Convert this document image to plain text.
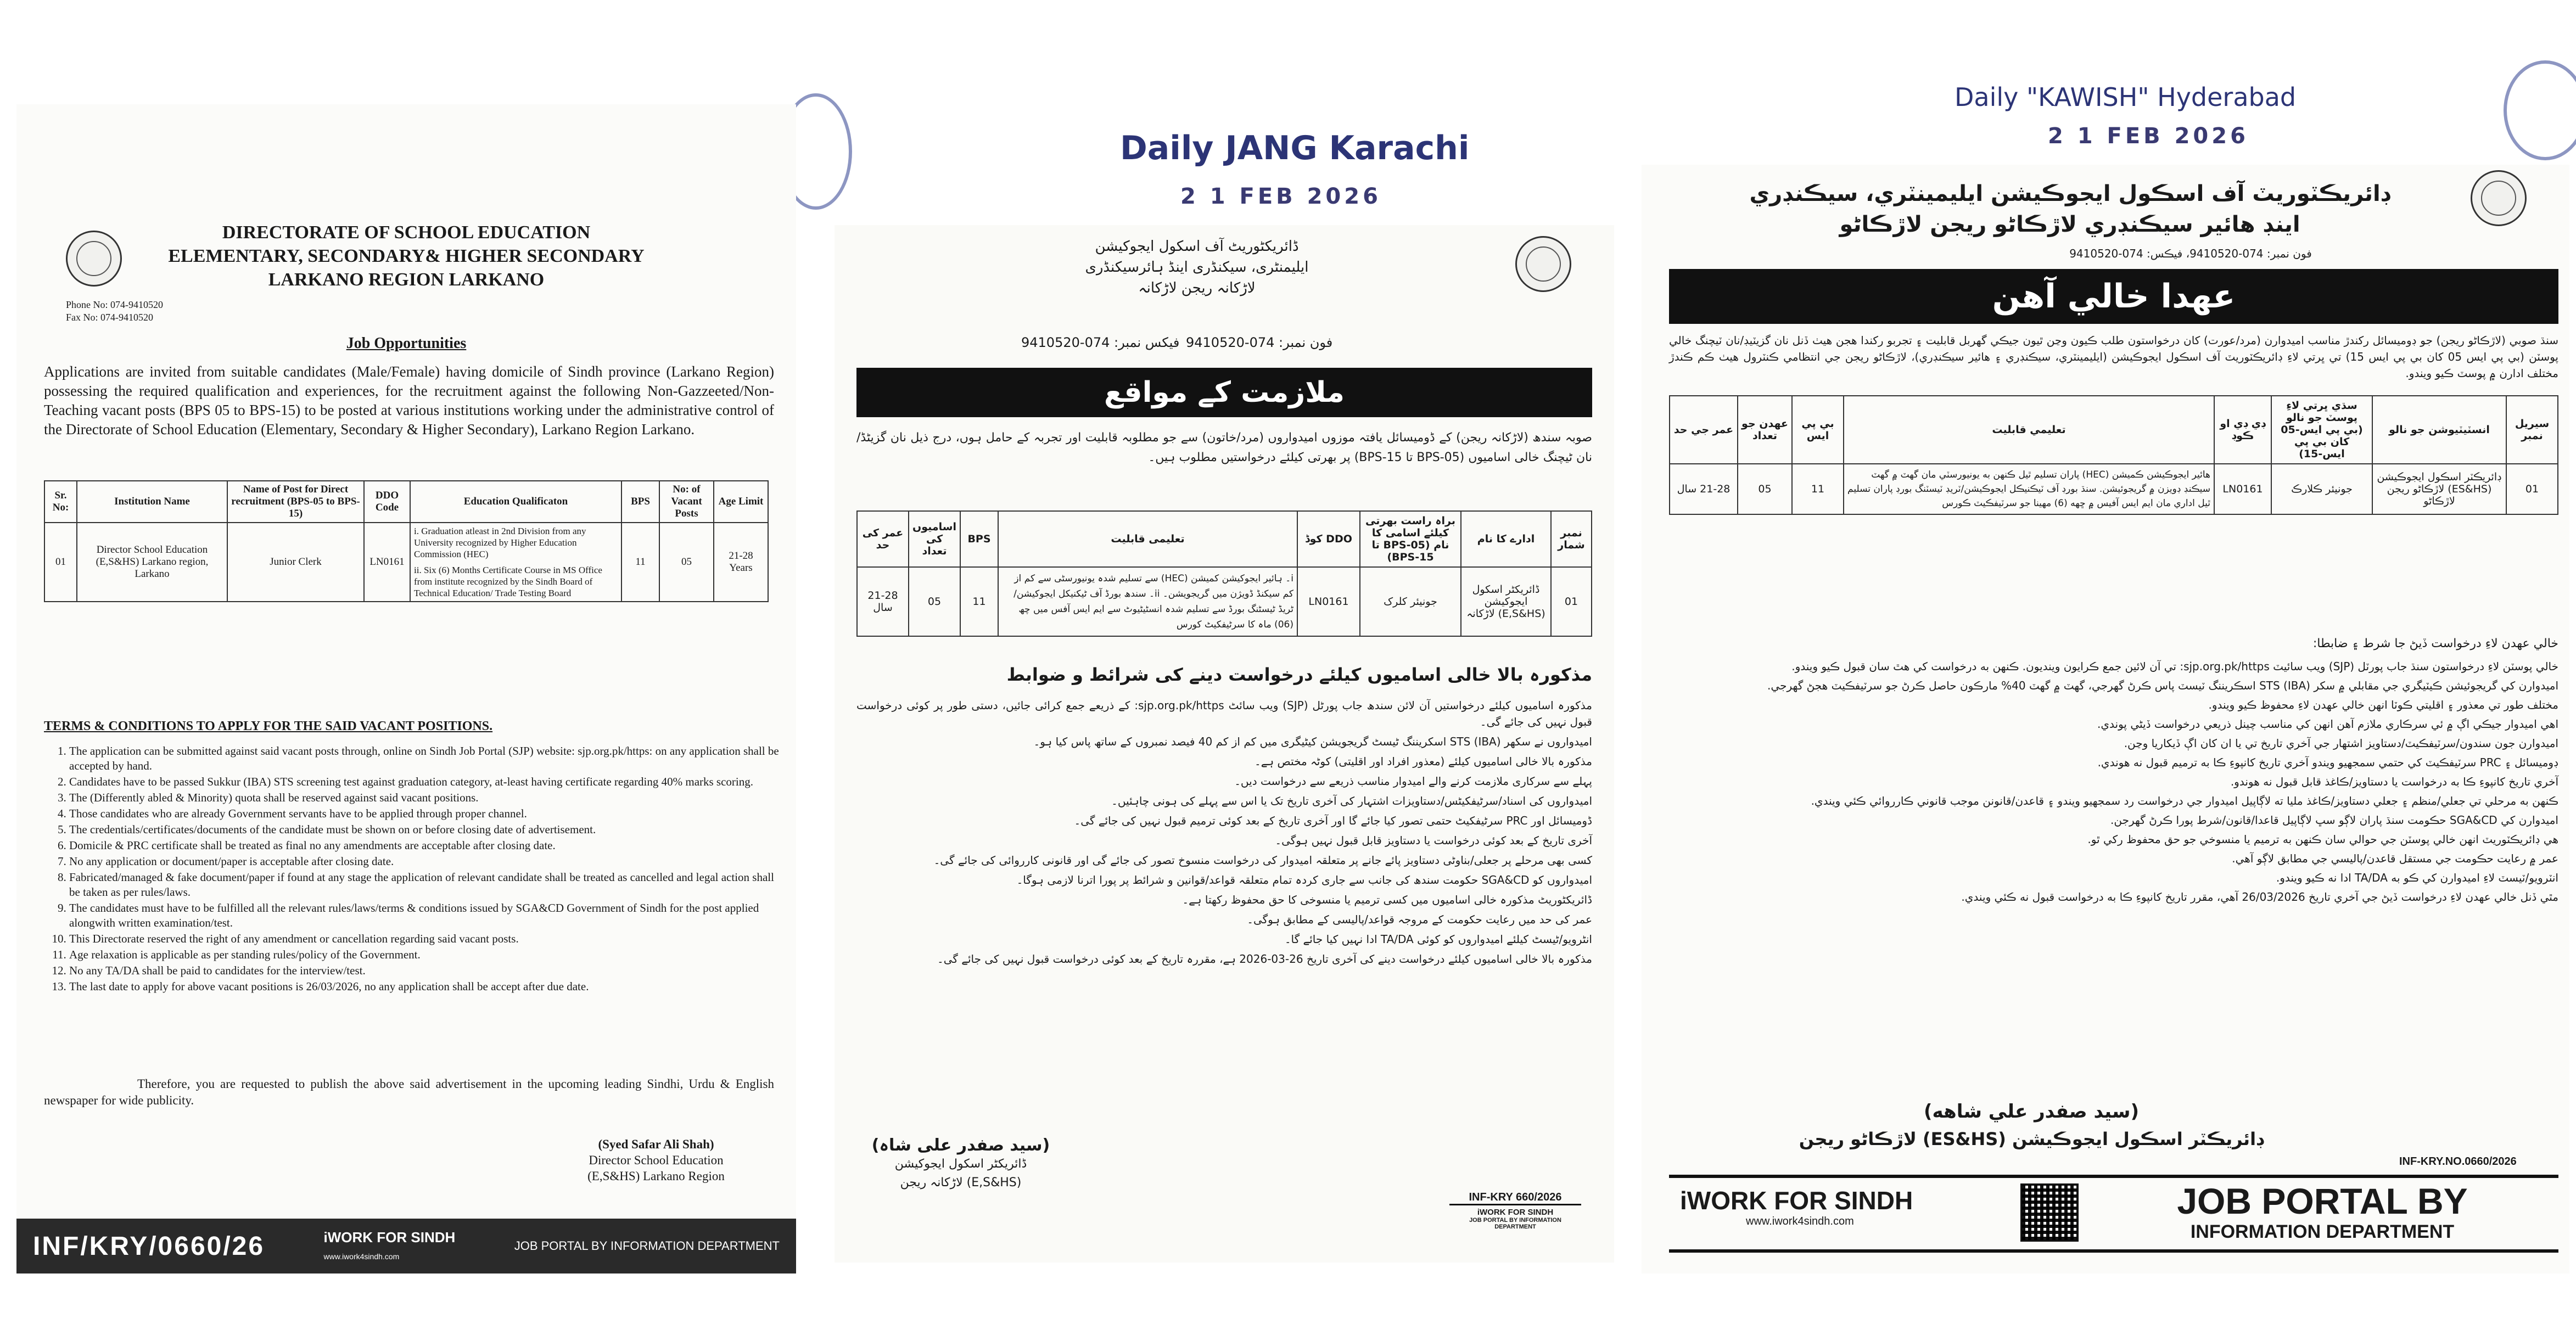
Phone No: 074-9410520
Fax No: 074-9410520
DIRECTORATE OF SCHOOL EDUCATION
ELEMENTARY, SECONDARY& HIGHER SECONDARY
LARKANO REGION LARKANO
Job Opportunities
Applications are invited from suitable candidates (Male/Female) having domicile of Sindh province (Larkano Region) possessing the required qualification and experiences, for the recruitment against the following Non-Gazzeeted/Non-Teaching vacant posts (BPS 05 to BPS-15) to be posted at various institutions working under the administrative control of the Directorate of School Education (Elementary, Secondary & Higher Secondary), Larkano Region Larkano.
Sr. No:	Institution Name	Name of Post for Direct recruitment (BPS-05 to BPS-15)	DDO Code	Education Qualificaton	BPS	No: of Vacant Posts	Age Limit
01	Director School Education (E,S&HS) Larkano region, Larkano	Junior Clerk	LN0161	i. Graduation atleast in 2nd Division from any University recognized by Higher Education Commission (HEC)
ii. Six (6) Months Certificate Course in MS Office from institute recognized by the Sindh Board of Technical Education/ Trade Testing Board	11	05	21-28 Years
TERMS & CONDITIONS TO APPLY FOR THE SAID VACANT POSITIONS.
1. The application can be submitted against said vacant posts through, online on Sindh Job Portal (SJP) website: sjp.org.pk/https: on any application shall be accepted by hand.
2. Candidates have to be passed Sukkur (IBA) STS screening test against graduation category, at-least having certificate regarding 40% marks scoring.
3. The (Differently abled & Minority) quota shall be reserved against said vacant positions.
4. Those candidates who are already Government servants have to be applied through proper channel.
5. The credentials/certificates/documents of the candidate must be shown on or before closing date of advertisement.
6. Domicile & PRC certificate shall be treated as final no any amendments are acceptable after closing date.
7. No any application or document/paper is acceptable after closing date.
8. Fabricated/managed & fake document/paper if found at any stage the application of relevant candidate shall be treated as cancelled and legal action shall be taken as per rules/laws.
9. The candidates must have to be fulfilled all the relevant rules/laws/terms & conditions issued by SGA&CD Government of Sindh for the post applied alongwith written examination/test.
10. This Directorate reserved the right of any amendment or cancellation regarding said vacant posts.
11. Age relaxation is applicable as per standing rules/policy of the Government.
12. No any TA/DA shall be paid to candidates for the interview/test.
13. The last date to apply for above vacant positions is 26/03/2026, no any application shall be accept after due date.
Therefore, you are requested to publish the above said advertisement in the upcoming leading Sindhi, Urdu & English newspaper for wide publicity.
(Syed Safar Ali Shah)
Director School Education
(E,S&HS) Larkano Region
INF/KRY/0660/26	iWORK FOR SINDH
www.iwork4sindh.com
JOB PORTAL BY INFORMATION DEPARTMENT
Daily JANG Karachi
2 1 FEB 2026
ڈائریکٹوریٹ آف اسکول ایجوکیشن
ایلیمنٹری، سیکنڈری اینڈ ہائرسیکنڈری
لاڑکانہ ریجن لاڑکانہ
فون نمبر: 074-9410520
فیکس نمبر: 074-9410520
ملازمت کے مواقع
صوبہ سندھ (لاڑکانہ ریجن) کے ڈومیسائل یافتہ موزوں امیدواروں (مرد/خاتون) سے جو مطلوبہ قابلیت اور تجربہ کے حامل ہوں، درج ذیل نان گزیٹڈ/نان ٹیچنگ خالی اسامیوں (BPS-05 تا BPS-15) پر بھرتی کیلئے درخواستیں مطلوب ہیں۔
نمبر شمار	ادارے کا نام	براہ راست بھرتی کیلئے اسامی کا نام (BPS-05 تا BPS-15)	DDO کوڈ	تعلیمی قابلیت	BPS	اسامیوں کی تعداد	عمر کی حد
01	ڈائریکٹر اسکول ایجوکیشن (E,S&HS) لاڑکانہ	جونیئر کلرک	LN0161	i۔ ہائیر ایجوکیشن کمیشن (HEC) سے تسلیم شدہ یونیورسٹی سے کم از کم سیکنڈ ڈویژن میں گریجویشن۔ ii۔ سندھ بورڈ آف ٹیکنیکل ایجوکیشن/ٹریڈ ٹیسٹنگ بورڈ سے تسلیم شدہ انسٹیٹیوٹ سے ایم ایس آفس میں چھ (06) ماہ کا سرٹیفکیٹ کورس	11	05	21-28 سال
مذکورہ بالا خالی اسامیوں کیلئے درخواست دینے کی شرائط و ضوابط
مذکورہ اسامیوں کیلئے درخواستیں آن لائن سندھ جاب پورٹل (SJP) ویب سائٹ sjp.org.pk/https: کے ذریعے جمع کرائی جائیں، دستی طور پر کوئی درخواست قبول نہیں کی جائے گی۔
امیدواروں نے سکھر (IBA) STS اسکریننگ ٹیسٹ گریجویشن کیٹیگری میں کم از کم 40 فیصد نمبروں کے ساتھ پاس کیا ہو۔
مذکورہ بالا خالی اسامیوں کیلئے (معذور افراد اور اقلیتی) کوٹہ مختص ہے۔
پہلے سے سرکاری ملازمت کرنے والے امیدوار مناسب ذریعے سے درخواست دیں۔
امیدواروں کی اسناد/سرٹیفکیٹس/دستاویزات اشتہار کی آخری تاریخ تک یا اس سے پہلے کی ہونی چاہئیں۔
ڈومیسائل اور PRC سرٹیفکیٹ حتمی تصور کیا جائے گا اور آخری تاریخ کے بعد کوئی ترمیم قبول نہیں کی جائے گی۔
آخری تاریخ کے بعد کوئی درخواست یا دستاویز قابل قبول نہیں ہوگی۔
کسی بھی مرحلے پر جعلی/بناوٹی دستاویز پائے جانے پر متعلقہ امیدوار کی درخواست منسوخ تصور کی جائے گی اور قانونی کارروائی کی جائے گی۔
امیدواروں کو SGA&CD حکومت سندھ کی جانب سے جاری کردہ تمام متعلقہ قواعد/قوانین و شرائط پر پورا اترنا لازمی ہوگا۔
ڈائریکٹوریٹ مذکورہ خالی اسامیوں میں کسی ترمیم یا منسوخی کا حق محفوظ رکھتا ہے۔
عمر کی حد میں رعایت حکومت کے مروجہ قواعد/پالیسی کے مطابق ہوگی۔
انٹرویو/ٹیسٹ کیلئے امیدواروں کو کوئی TA/DA ادا نہیں کیا جائے گا۔
مذکورہ بالا خالی اسامیوں کیلئے درخواست دینے کی آخری تاریخ 26-03-2026 ہے، مقررہ تاریخ کے بعد کوئی درخواست قبول نہیں کی جائے گی۔
(سید صفدر علی شاہ)
ڈائریکٹر اسکول ایجوکیشن
(E,S&HS) لاڑکانہ ریجن
INF-KRY 660/2026
iWORK FOR SINDH
JOB PORTAL BY INFORMATION DEPARTMENT
Daily "KAWISH" Hyderabad
2 1 FEB 2026
ڊائريڪٽوريٽ آف اسڪول ايجوڪيشن ايليمينٽري، سيڪنڊري
اينڊ هائير سيڪنڊري لاڙڪاڻو ريجن لاڙڪاڻو
فون نمبر: 074-9410520، فيڪس: 074-9410520
عهدا خالي آهن
سنڌ صوبي (لاڙڪاڻو ريجن) جو ڊوميسائل رکندڙ مناسب اميدوارن (مرد/عورت) کان درخواستون طلب ڪيون وڃن ٿيون جيڪي گهربل قابليت ۽ تجربو رکندا هجن هيٺ ڏنل نان گزيٽيڊ/نان ٽيچنگ خالي پوسٽن (بي پي ايس 05 کان بي پي ايس 15) تي ڀرتي لاءِ ڊائريڪٽوريٽ آف اسڪول ايجوڪيشن (ايليمينٽري، سيڪنڊري ۽ هائير سيڪنڊري)، لاڙڪاڻو ريجن جي انتظامي ڪنٽرول هيٺ ڪم ڪندڙ مختلف ادارن ۾ پوسٽ ڪيو ويندو.
سيريل نمبر	انسٽيٽيوشن جو نالو	سڌي ڀرتي لاءِ پوسٽ جو نالو (بي پي ايس-05 کان بي پي ايس-15)	ڊي ڊي او ڪوڊ	تعليمي قابليت	بي پي ايس	عهدن جو تعداد	عمر جي حد
01	ڊائريڪٽر اسڪول ايجوڪيشن (ES&HS) لاڙڪاڻو ريجن لاڙڪاڻو	جونيئر ڪلارڪ	LN0161	هائير ايجوڪيشن ڪميشن (HEC) پاران تسليم ٿيل ڪنهن به يونيورسٽي مان گهٽ ۾ گهٽ سيڪنڊ ڊويزن ۾ گريجوئيشن. سنڌ بورڊ آف ٽيڪنيڪل ايجوڪيشن/ٽريڊ ٽيسٽنگ بورڊ پاران تسليم ٿيل اداري مان ايم ايس آفيس ۾ ڇهه (6) مهينا جو سرٽيفڪيٽ ڪورس	11	05	21-28 سال
خالي عهدن لاءِ درخواست ڏيڻ جا شرط ۽ ضابطا:
خالي پوسٽن لاءِ درخواستون سنڌ جاب پورٽل (SJP) ويب سائيٽ sjp.org.pk/https: تي آن لائين جمع ڪرايون وينديون. ڪنهن به درخواست کي هٿ سان قبول ڪيو ويندو.
اميدوارن کي گريجوئيشن ڪيٽيگري جي مقابلي ۾ سکر (IBA) STS اسڪريننگ ٽيسٽ پاس ڪرڻ گهرجي، گهٽ ۾ گهٽ 40% مارڪون حاصل ڪرڻ جو سرٽيفڪيٽ هجڻ گهرجي.
مختلف طور تي معذور ۽ اقليتي ڪوٽا انهن خالي عهدن لاءِ محفوظ ڪيو ويندو.
اهي اميدوار جيڪي اڳ ۾ ئي سرڪاري ملازم آهن انهن کي مناسب چينل ذريعي درخواست ڏيڻي پوندي.
اميدوارن جون سندون/سرٽيفڪيٽ/دستاويز اشتهار جي آخري تاريخ تي يا ان کان اڳ ڏيکاريا وڃن.
ڊوميسائل ۽ PRC سرٽيفڪيٽ کي حتمي سمجهيو ويندو آخري تاريخ کانپوءِ ڪا به ترميم قبول نه هوندي.
آخري تاريخ کانپوءِ ڪا به درخواست يا دستاويز/ڪاغذ قابل قبول نه هوندو.
ڪنهن به مرحلي تي جعلي/منظم ۽ جعلي دستاويز/ڪاغذ مليا ته لاڳاپيل اميدوار جي درخواست رد سمجهيو ويندو ۽ قاعدن/قانونن موجب قانوني ڪارروائي ڪئي ويندي.
اميدوارن کي SGA&CD حڪومت سنڌ پاران لاڳو سڀ لاڳاپيل قاعدا/قانون/شرط پورا ڪرڻ گهرجن.
هي ڊائريڪٽوريٽ انهن خالي پوسٽن جي حوالي سان ڪنهن به ترميم يا منسوخي جو حق محفوظ رکي ٿو.
عمر ۾ رعايت حڪومت جي مستقل قاعدن/پاليسي جي مطابق لاڳو آهي.
انٽرويو/ٽيسٽ لاءِ اميدوارن کي ڪو به TA/DA ادا نه ڪيو ويندو.
مٿي ڏنل خالي عهدن لاءِ درخواست ڏيڻ جي آخري تاريخ 26/03/2026 آهي، مقرر تاريخ کانپوءِ ڪا به درخواست قبول نه ڪئي ويندي.
(سيد صفدر علي شاهه)
ڊائريڪٽر اسڪول ايجوڪيشن (ES&HS) لاڙڪاڻو ريجن
INF-KRY.NO.0660/2026
iWORK FOR SINDH
www.iwork4sindh.com	JOB PORTAL BY
INFORMATION DEPARTMENT
